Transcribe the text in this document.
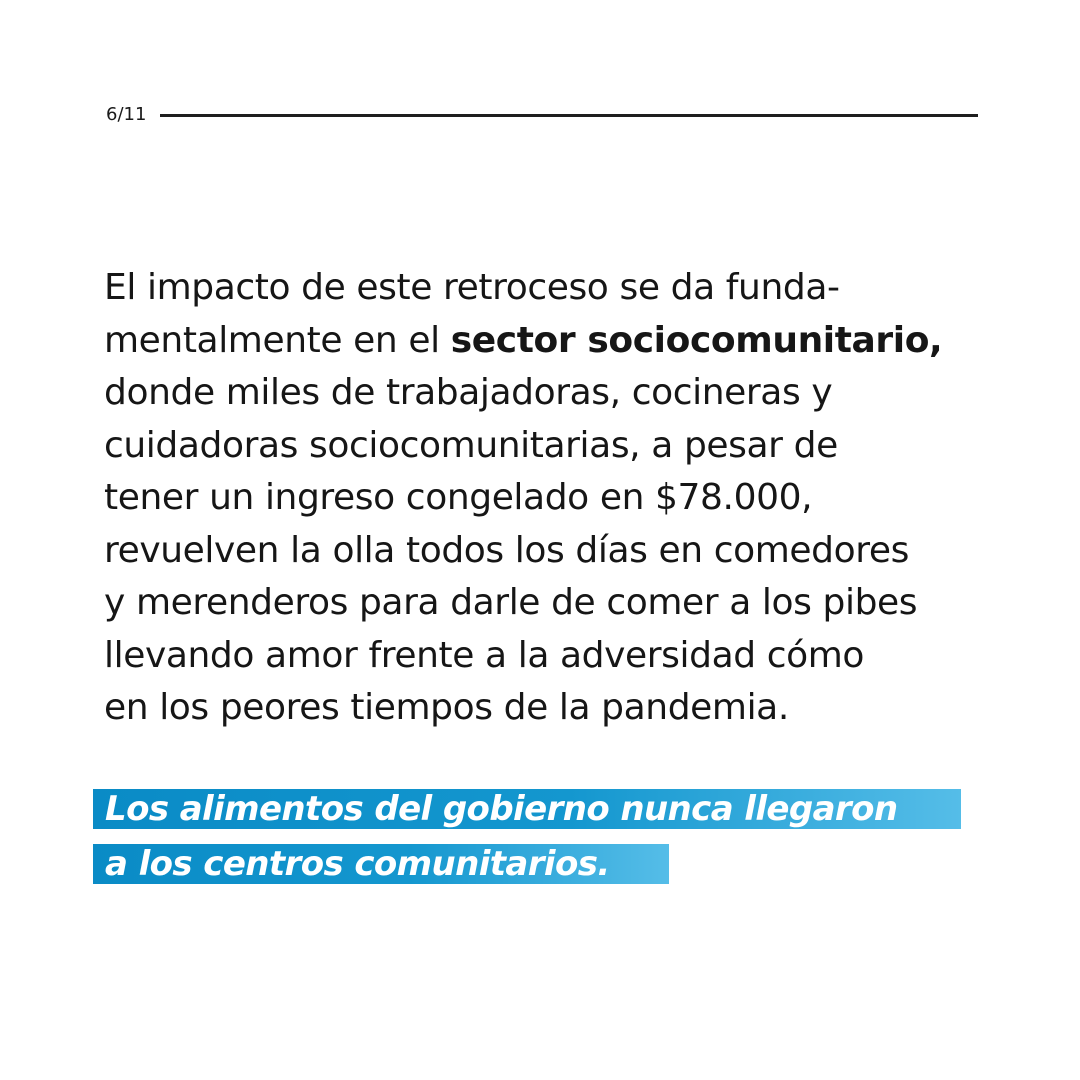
6/11

El impacto de este retroceso se da funda-
mentalmente en el sector sociocomunitario,
donde miles de trabajadoras, cocineras y
cuidadoras sociocomunitarias, a pesar de
tener un ingreso congelado en $78.000,
revuelven la olla todos los días en comedores
y merenderos para darle de comer a los pibes
llevando amor frente a la adversidad cómo
en los peores tiempos de la pandemia.

Los alimentos del gobierno nunca llegaron
a los centros comunitarios.
